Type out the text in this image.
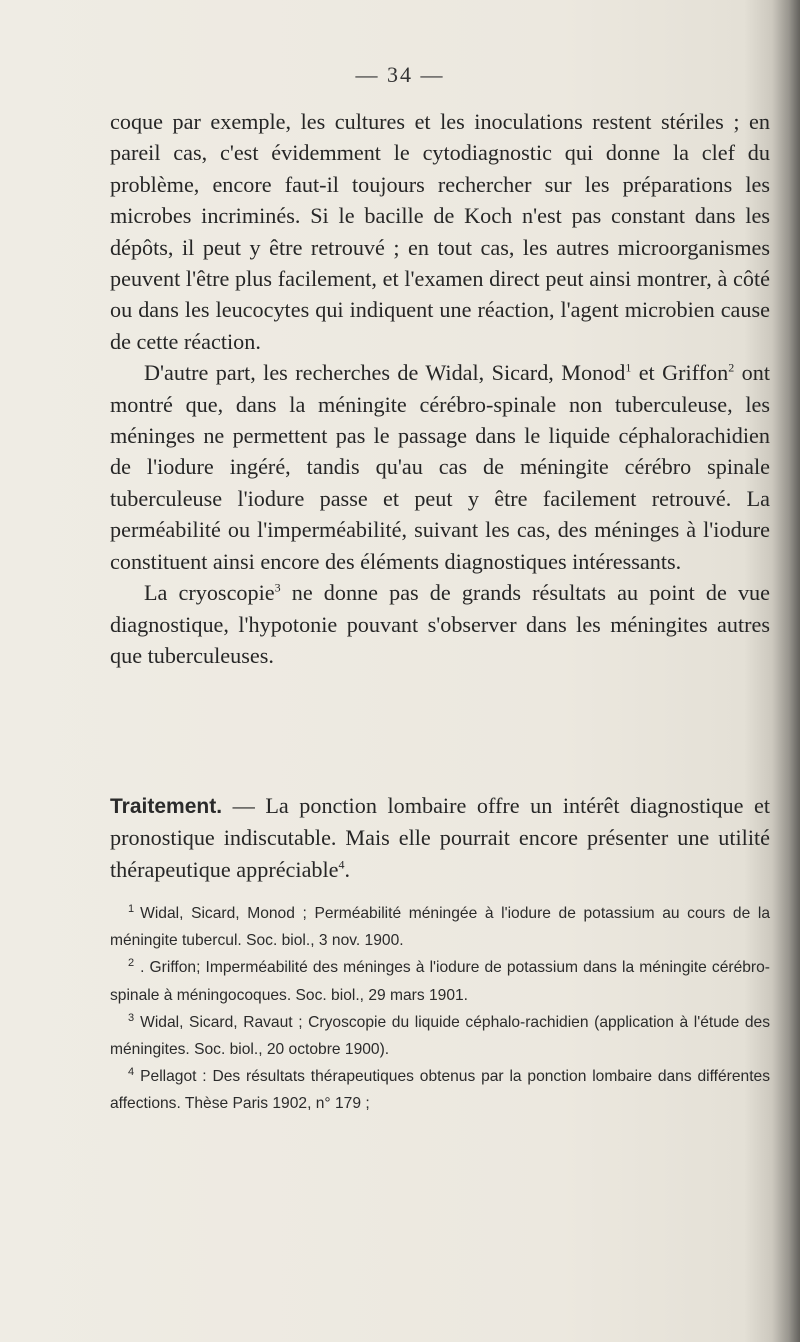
— 34 —

coque par exemple, les cultures et les inoculations restent stériles ; en pareil cas, c'est évidemment le cytodiagnostic qui donne la clef du problème, encore faut-il toujours rechercher sur les préparations les microbes incriminés. Si le bacille de Koch n'est pas constant dans les dépôts, il peut y être retrouvé ; en tout cas, les autres microorganismes peuvent l'être plus facilement, et l'examen direct peut ainsi montrer, à côté ou dans les leucocytes qui indiquent une réaction, l'agent microbien cause de cette réaction.

D'autre part, les recherches de Widal, Sicard, Monod$^1$ et Griffon$^2$ ont montré que, dans la méningite cérébro-spinale non tuberculeuse, les méninges ne permettent pas le passage dans le liquide céphalorachidien de l'iodure ingéré, tandis qu'au cas de méningite cérébro spinale tuberculeuse l'iodure passe et peut y être facilement retrouvé. La perméabilité ou l'imperméabilité, suivant les cas, des méninges à l'iodure constituent ainsi encore des éléments diagnostiques intéressants.

La cryoscopie$^3$ ne donne pas de grands résultats au point de vue diagnostique, l'hypotonie pouvant s'observer dans les méningites autres que tuberculeuses.

Traitement. — La ponction lombaire offre un intérêt diagnostique et pronostique indiscutable. Mais elle pourrait encore présenter une utilité thérapeutique appréciable$^4$.

$^1$ Widal, Sicard, Monod ; Perméabilité méningée à l'iodure de potassium au cours de la méningite tubercul. Soc. biol., 3 nov. 1900.

$^2$ . Griffon; Imperméabilité des méninges à l'iodure de potassium dans la méningite cérébro-spinale à méningocoques. Soc. biol., 29 mars 1901.

$^3$ Widal, Sicard, Ravaut ; Cryoscopie du liquide céphalo-rachidien (application à l'étude des méningites. Soc. biol., 20 octobre 1900).

$^4$ Pellagot : Des résultats thérapeutiques obtenus par la ponction lombaire dans différentes affections. Thèse Paris 1902, n° 179 ;
